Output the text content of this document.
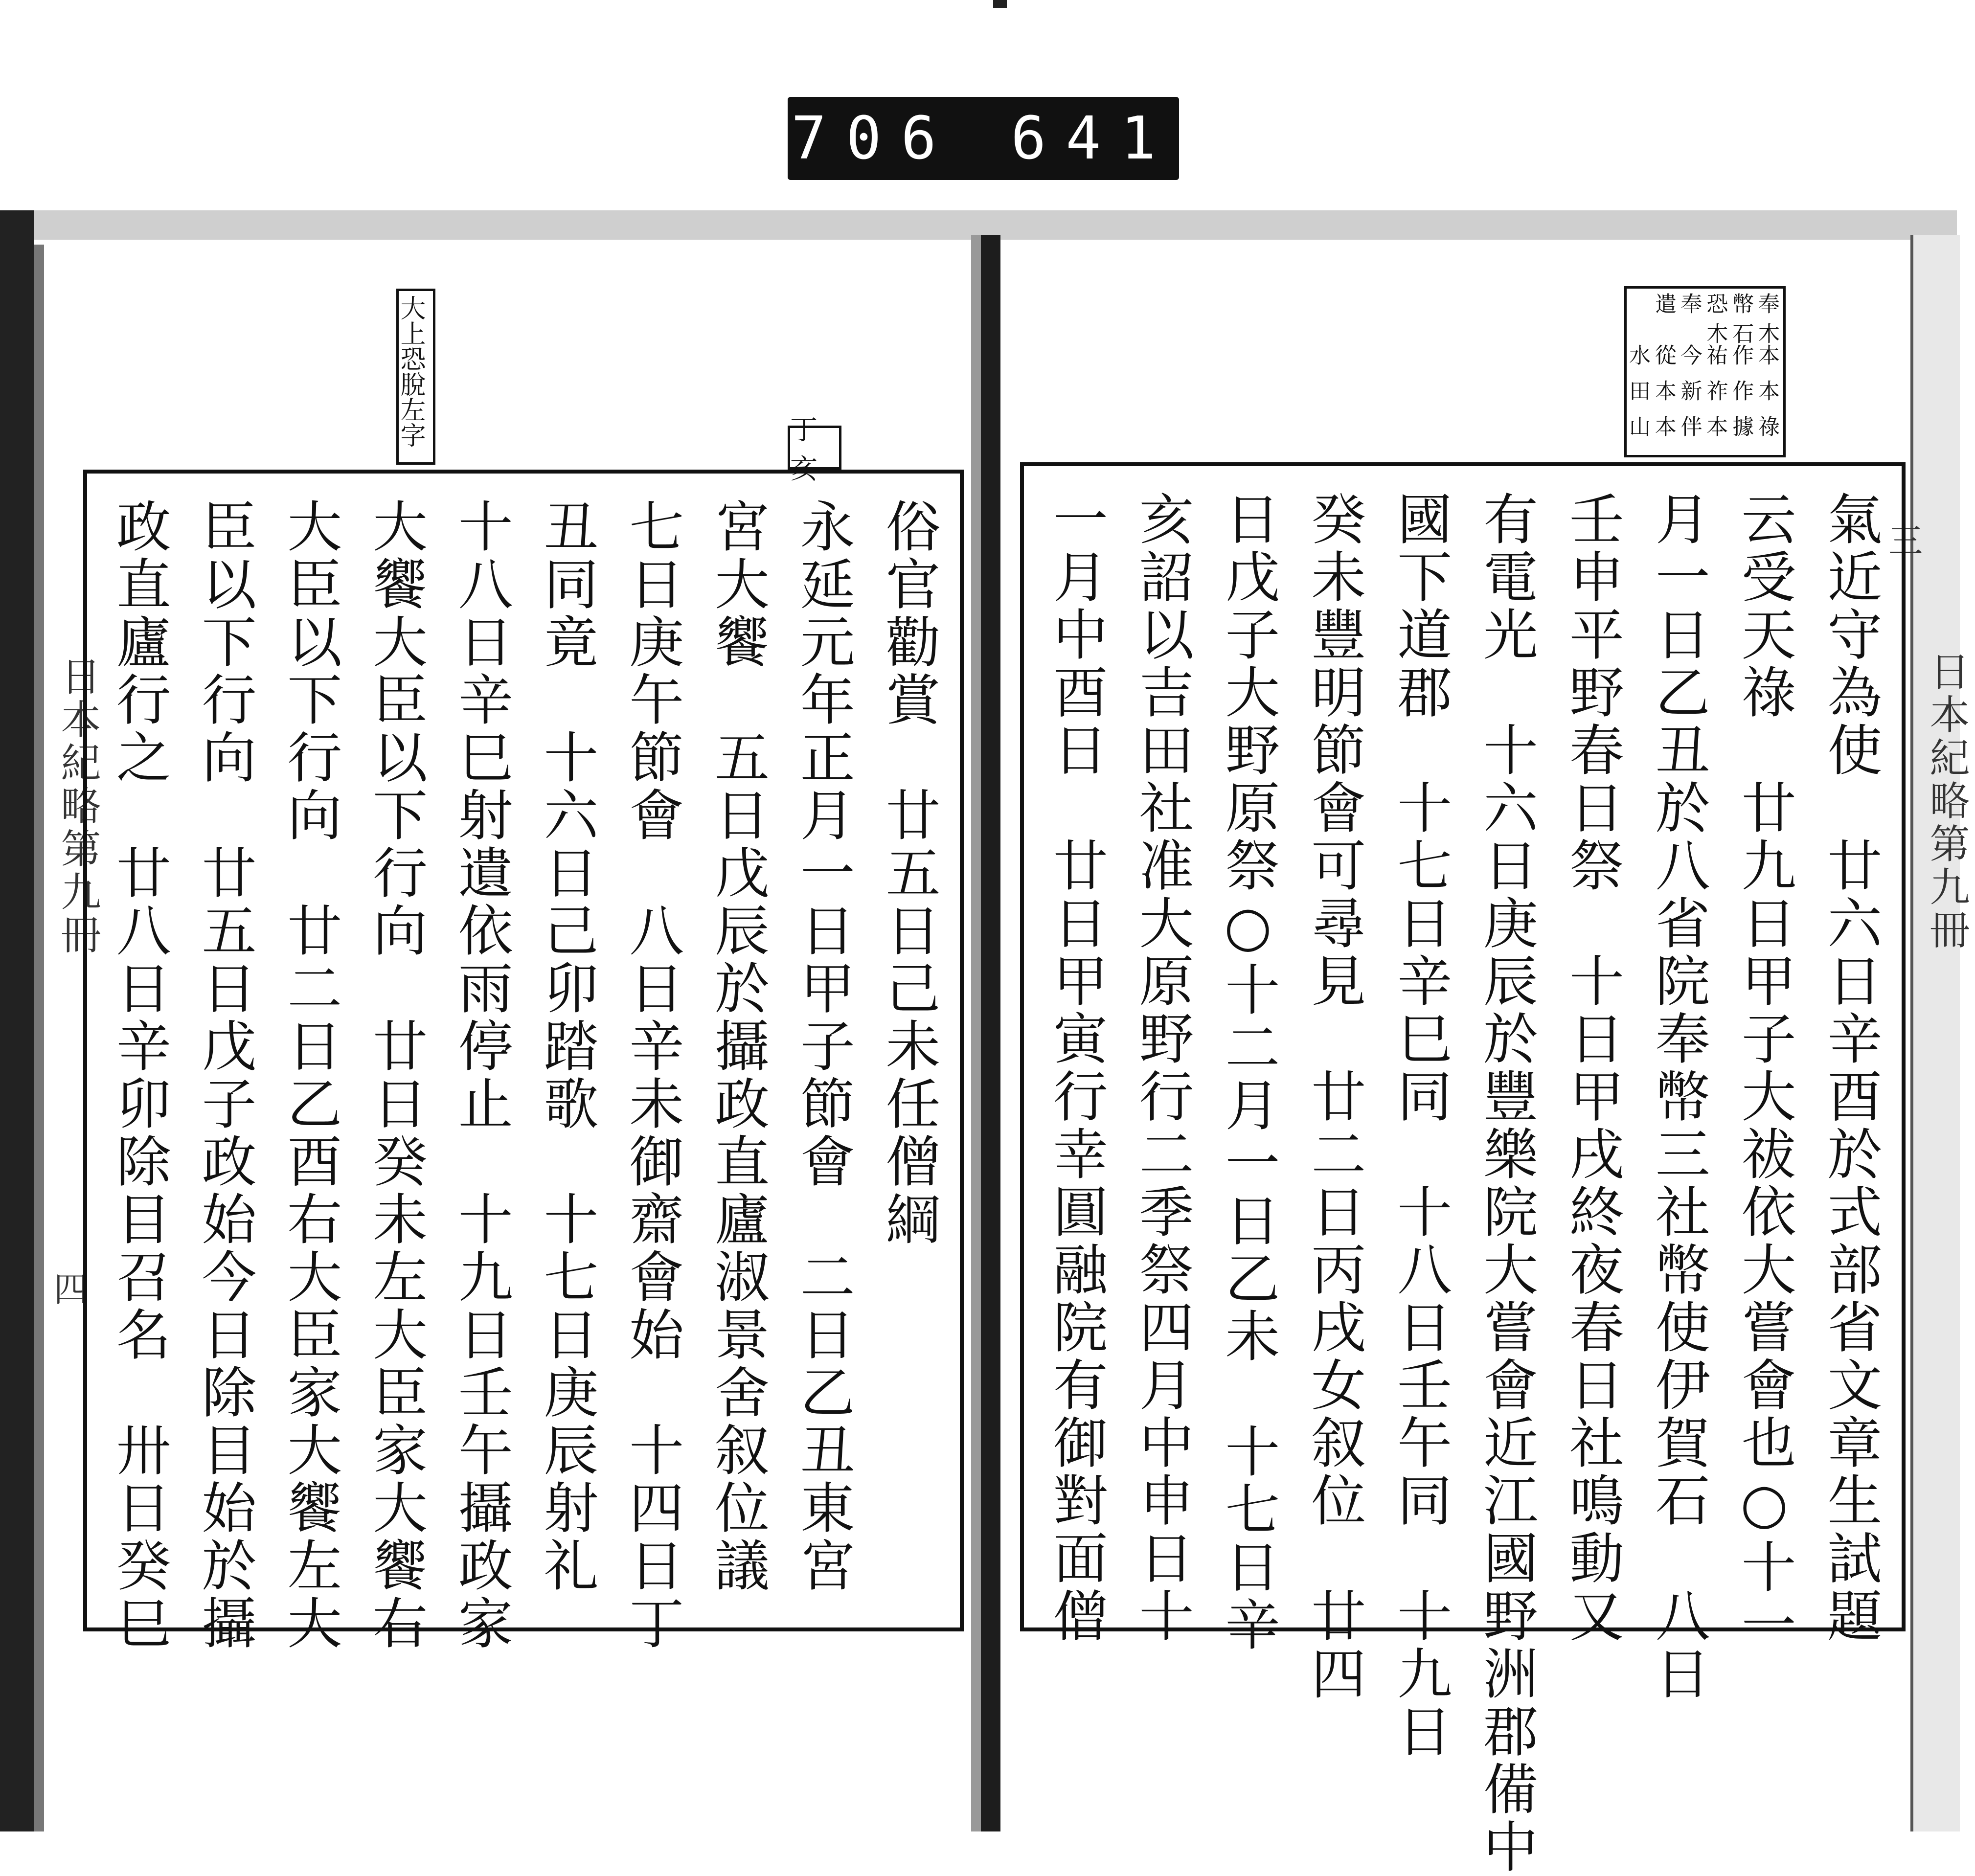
706 641
日本紀略第九冊
四
大上恐脫左字	丁亥
俗官勸賞　廿五日己未任僧綱
永延元年正月一日甲子節會　二日乙丑東宮
宮大饗　五日戊辰於攝政直廬淑景舍叙位議
七日庚午節會　八日辛未御齋會始　十四日丁
丑同竟　十六日己卯踏歌　十七日庚辰射礼
十八日辛巳射遺依雨停止　十九日壬午攝政家
大饗大臣以下行向　廿日癸未左大臣家大饗右
大臣以下行向　廿二日乙酉右大臣家大饗左大
臣以下行向　廿五日戊子政始今日除目始於攝
政直廬行之　廿八日辛卯除目召名　卅日癸巳	日本紀略第九冊
三
奉幣恐奉遣
木石木
本作祐今從水
本作祚新本田
祿據本伴本山
氣近守為使　廿六日辛酉於式部省文章生試題
云受天祿　廿九日甲子大祓依大嘗會也○十一
月一日乙丑於八省院奉幣三社幣使伊賀石　八日
壬申平野春日祭　十日甲戌終夜春日社鳴動又
有電光　十六日庚辰於豐樂院大嘗會近江國野洲郡備中
國下道郡　十七日辛巳同　十八日壬午同　十九日
癸未豐明節會可尋見　廿二日丙戌女叙位　廿四
日戊子大野原祭○十二月一日乙未　十七日辛
亥詔以吉田社准大原野行二季祭四月中申日十
一月中酉日　廿日甲寅行幸圓融院有御對面僧
